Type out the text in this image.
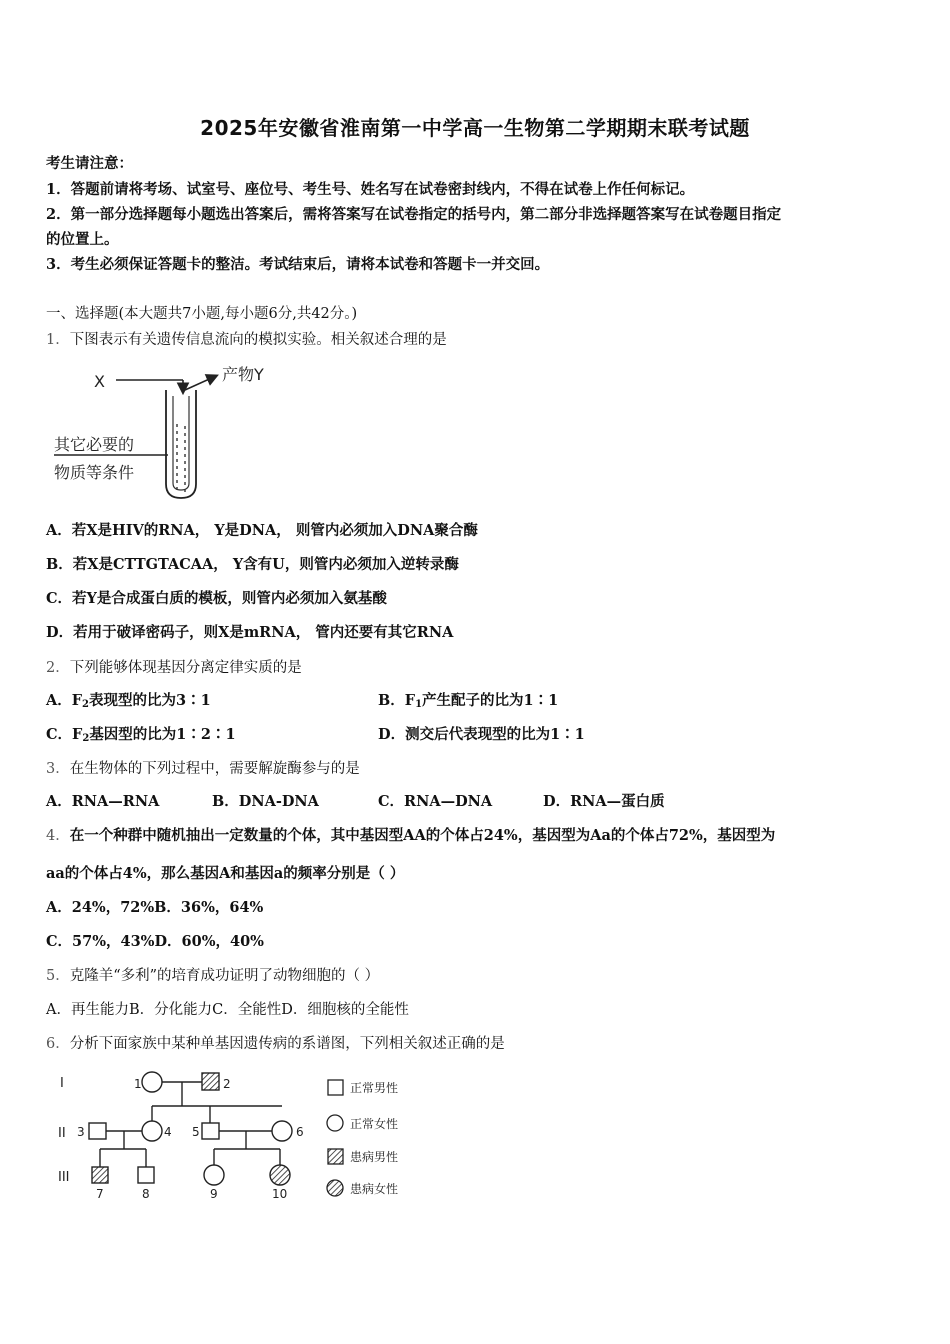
2025年安徽省淮南第一中学高一生物第二学期期末联考试题
考生请注意：
1．答题前请将考场、试室号、座位号、考生号、姓名写在试卷密封线内，不得在试卷上作任何标记。
2．第一部分选择题每小题选出答案后，需将答案写在试卷指定的括号内，第二部分非选择题答案写在试卷题目指定
的位置上。
3．考生必须保证答题卡的整洁。考试结束后，请将本试卷和答题卡一并交回。
一、选择题(本大题共7小题,每小题6分,共42分。)
1．下图表示有关遗传信息流向的模拟实验。相关叙述合理的是
X	产物Y
其它必要的
物质等条件
A．若X是HIV的RNA， Y是DNA， 则管内必须加入DNA聚合酶
B．若X是CTTGTACAA， Y含有U，则管内必须加入逆转录酶
C．若Y是合成蛋白质的模板，则管内必须加入氨基酸
D．若用于破译密码子，则X是mRNA， 管内还要有其它RNA
2．下列能够体现基因分离定律实质的是
A．$F_2$表现型的比为3∶1	B．$F_1$产生配子的比为1∶1
C．$F_2$基因型的比为1∶2∶1	D．测交后代表现型的比为1∶1
3．在生物体的下列过程中，需要解旋酶参与的是
A．RNA—RNA	B．DNA-DNA	C．RNA—DNA	D．RNA—蛋白质
4．在一个种群中随机抽出一定数量的个体，其中基因型AA的个体占24%，基因型为Aa的个体占72%，基因型为
aa的个体占4%，那么基因A和基因a的频率分别是（ ）
A．24%，72%B．36%，64%
C．57%，43%D．60%，40%
5．克隆羊“多利”的培育成功证明了动物细胞的（ ）
A．再生能力B．分化能力C．全能性D．细胞核的全能性
6．分析下面家族中某种单基因遗传病的系谱图，下列相关叙述正确的是
I
II
III
1	2
3	4 5	6
7	8	9	10
正常男性
正常女性
患病男性
患病女性
